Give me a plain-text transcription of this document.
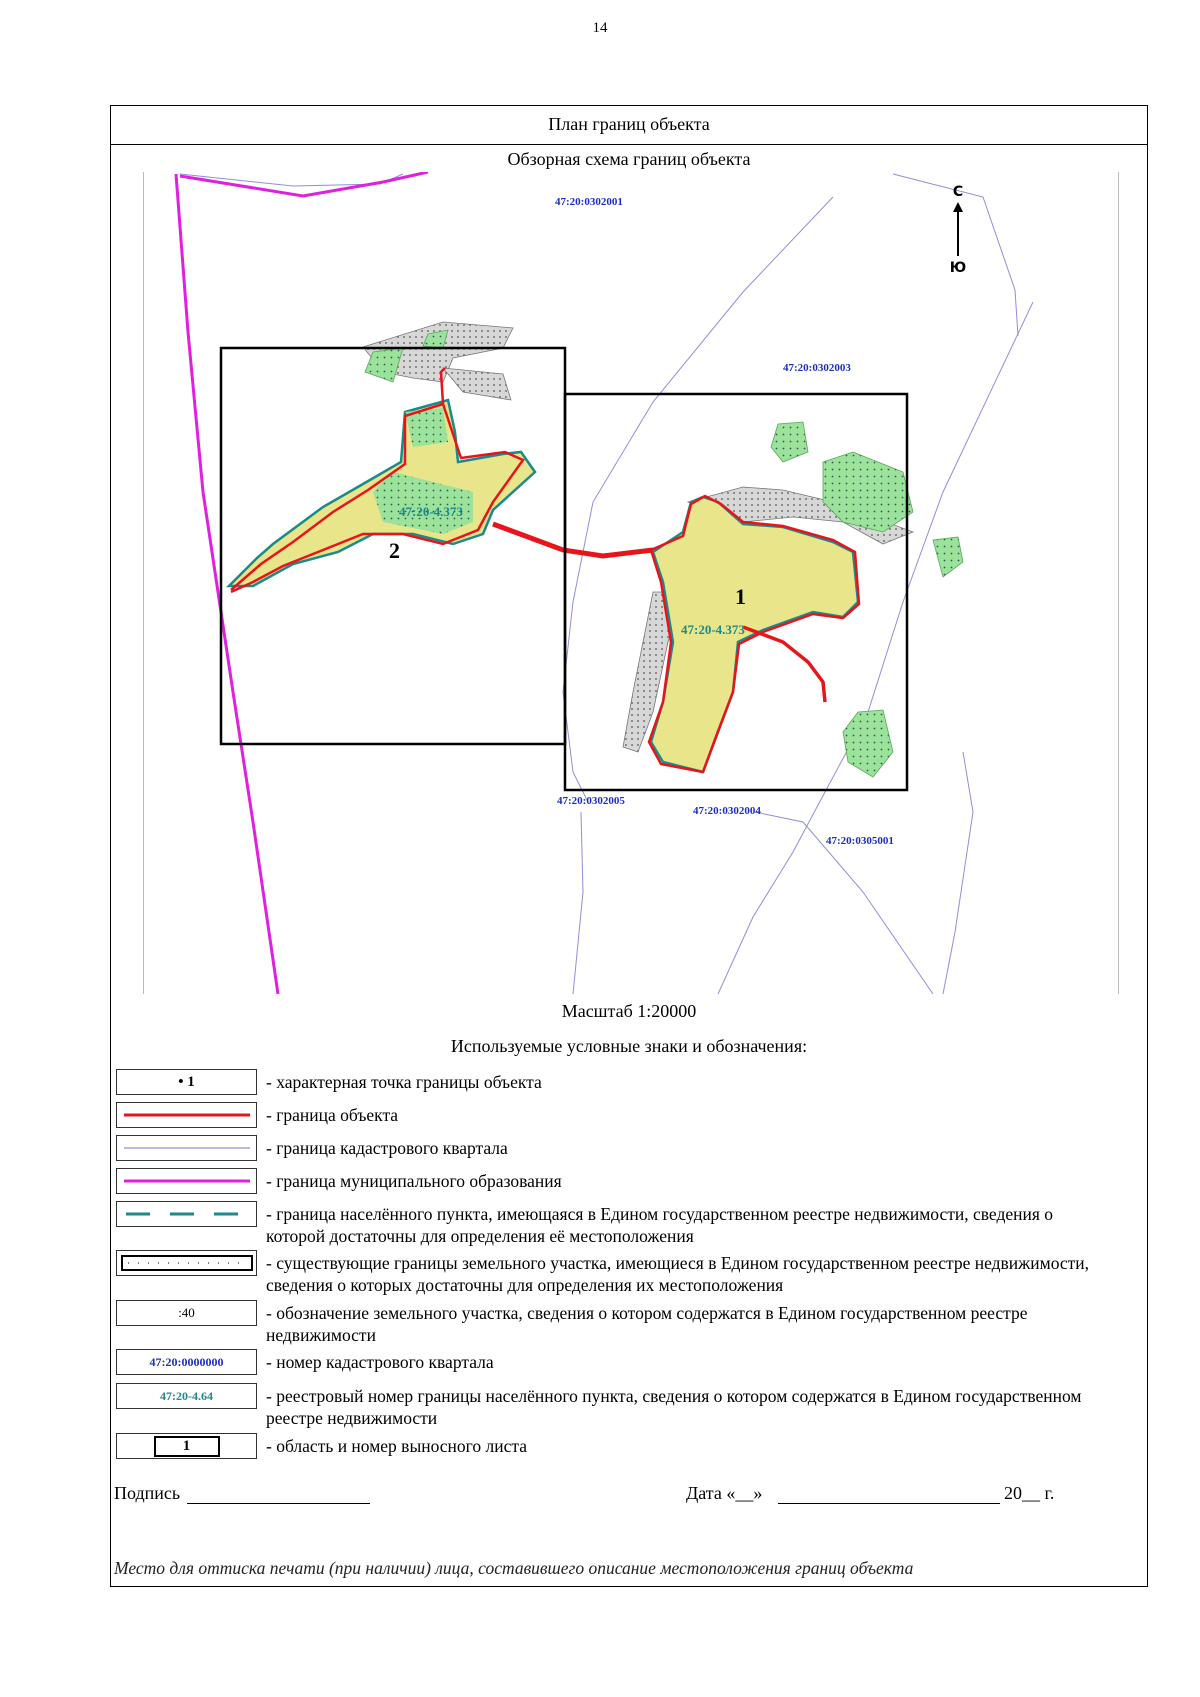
14
План границ объекта
Обзорная схема границ объекта
С
Ю
47:20:0302001
47:20:0302003
47:20:0302005
47:20:0302004
47:20:0305001
47:20-4.373
47:20-4.373
2
1
Масштаб 1:20000
Используемые условные знаки и обозначения:
• 1
:40
47:20:0000000
47:20-4.64
1
- характерная точка границы объекта
- граница объекта
- граница кадастрового квартала
- граница муниципального образования
- граница населённого пункта, имеющаяся в Едином государственном реестре недвижимости, сведения о которой достаточны для определения её местоположения
- существующие границы земельного участка, имеющиеся в Едином государственном реестре недвижимости, сведения о которых достаточны для определения их местоположения
- обозначение земельного участка, сведения о котором содержатся в Едином государственном реестре недвижимости
- номер кадастрового квартала
- реестровый номер границы населённого пункта, сведения о котором содержатся в Едином государственном реестре недвижимости
- область и номер выносного листа
Подпись	Дата «__»	20__ г.
Место для оттиска печати (при наличии) лица, составившего описание местоположения границ объекта
